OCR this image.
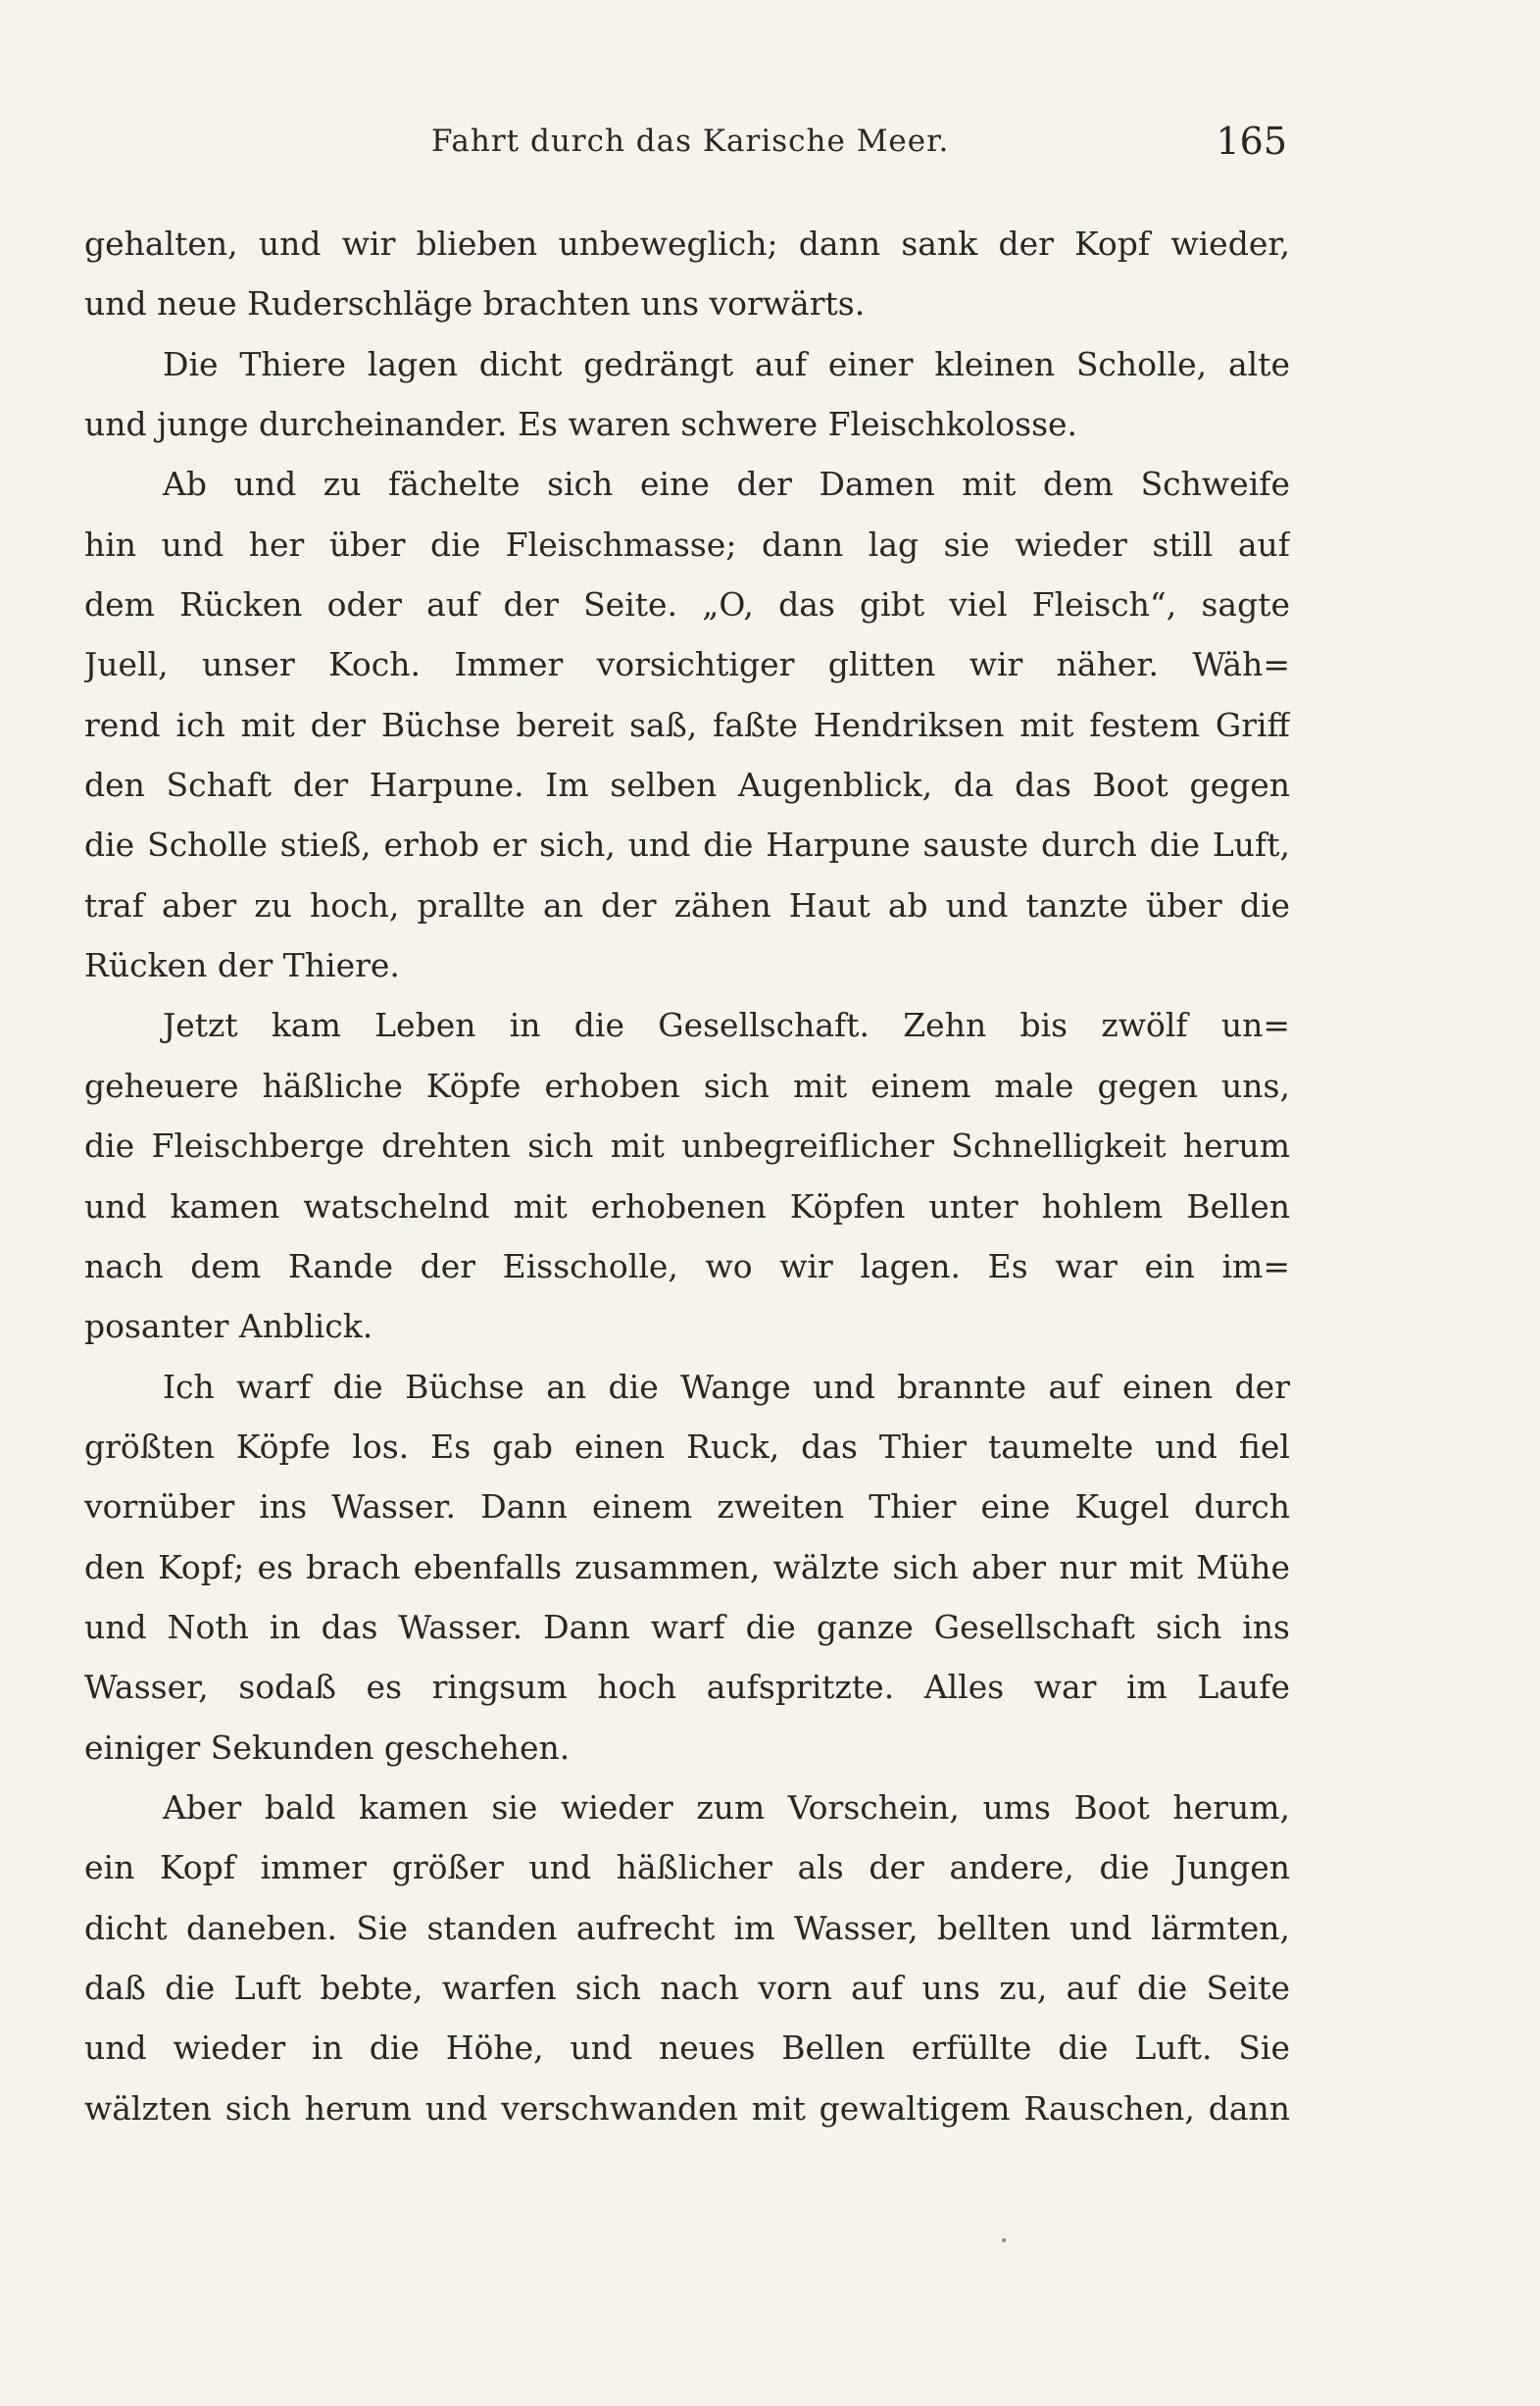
Fahrt durch das Karische Meer.	165
gehalten, und wir blieben unbeweglich; dann sank der Kopf wieder,
und neue Ruderschläge brachten uns vorwärts.
Die Thiere lagen dicht gedrängt auf einer kleinen Scholle, alte
und junge durcheinander. Es waren schwere Fleischkolosse.
Ab und zu fächelte sich eine der Damen mit dem Schweife
hin und her über die Fleischmasse; dann lag sie wieder still auf
dem Rücken oder auf der Seite. „O, das gibt viel Fleisch“, sagte
Juell, unser Koch. Immer vorsichtiger glitten wir näher. Wäh=
rend ich mit der Büchse bereit saß, faßte Hendriksen mit festem Griff
den Schaft der Harpune. Im selben Augenblick, da das Boot gegen
die Scholle stieß, erhob er sich, und die Harpune sauste durch die Luft,
traf aber zu hoch, prallte an der zähen Haut ab und tanzte über die
Rücken der Thiere.
Jetzt kam Leben in die Gesellschaft. Zehn bis zwölf un=
geheuere häßliche Köpfe erhoben sich mit einem male gegen uns,
die Fleischberge drehten sich mit unbegreiflicher Schnelligkeit herum
und kamen watschelnd mit erhobenen Köpfen unter hohlem Bellen
nach dem Rande der Eisscholle, wo wir lagen. Es war ein im=
posanter Anblick.
Ich warf die Büchse an die Wange und brannte auf einen der
größten Köpfe los. Es gab einen Ruck, das Thier taumelte und fiel
vornüber ins Wasser. Dann einem zweiten Thier eine Kugel durch
den Kopf; es brach ebenfalls zusammen, wälzte sich aber nur mit Mühe
und Noth in das Wasser. Dann warf die ganze Gesellschaft sich ins
Wasser, sodaß es ringsum hoch aufspritzte. Alles war im Laufe
einiger Sekunden geschehen.
Aber bald kamen sie wieder zum Vorschein, ums Boot herum,
ein Kopf immer größer und häßlicher als der andere, die Jungen
dicht daneben. Sie standen aufrecht im Wasser, bellten und lärmten,
daß die Luft bebte, warfen sich nach vorn auf uns zu, auf die Seite
und wieder in die Höhe, und neues Bellen erfüllte die Luft. Sie
wälzten sich herum und verschwanden mit gewaltigem Rauschen, dann
